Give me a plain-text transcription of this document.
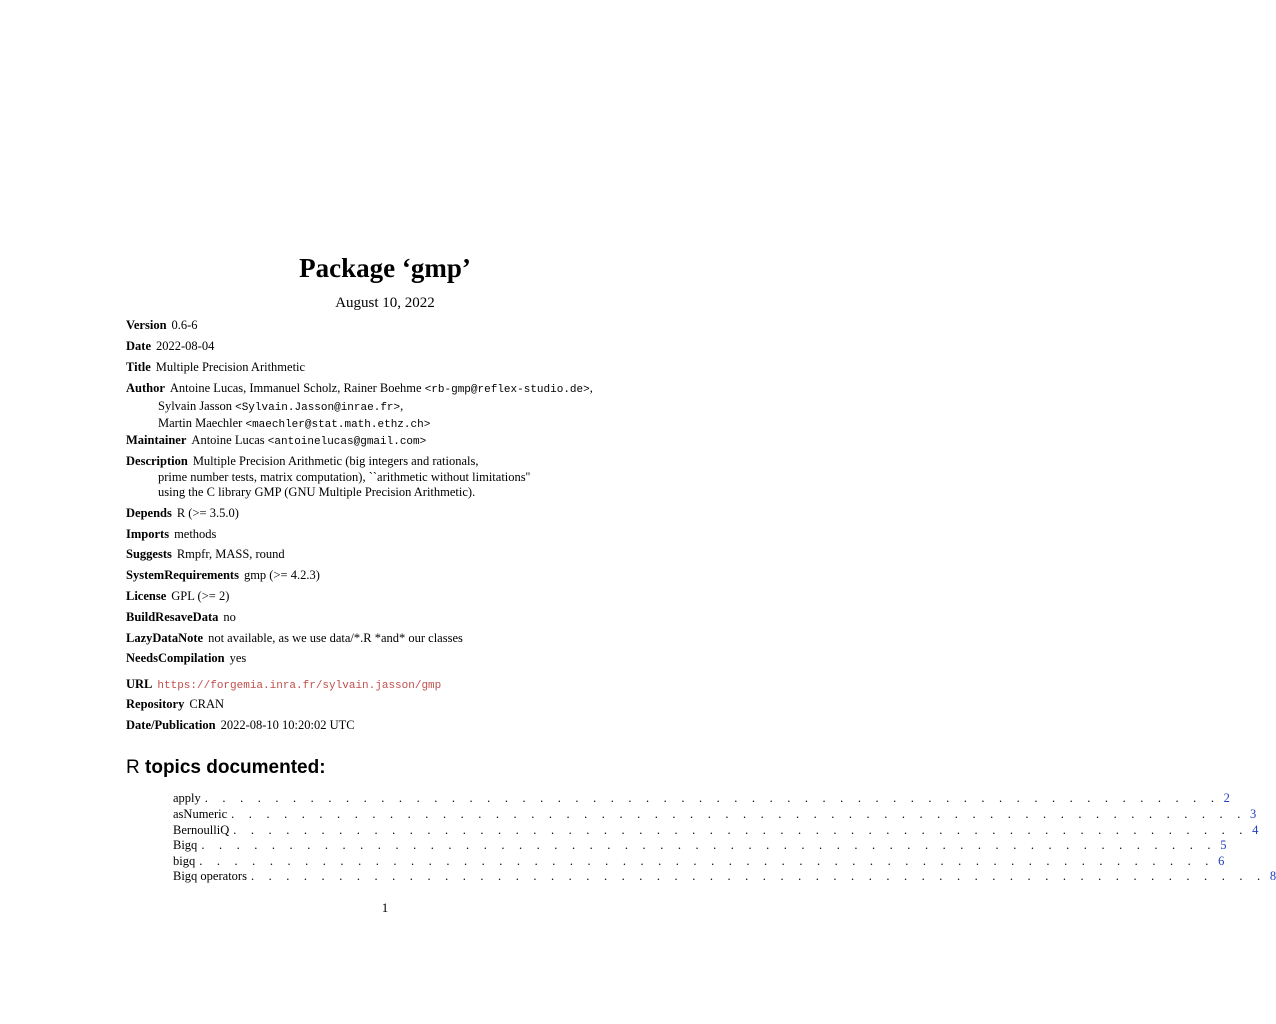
Package ‘gmp’
August 10, 2022
Version 0.6-6
Date 2022-08-04
Title Multiple Precision Arithmetic
Author Antoine Lucas, Immanuel Scholz, Rainer Boehme <rb-gmp@reflex-studio.de>,
Sylvain Jasson <Sylvain.Jasson@inrae.fr>,
Martin Maechler <maechler@stat.math.ethz.ch>
Maintainer Antoine Lucas <antoinelucas@gmail.com>
Description Multiple Precision Arithmetic (big integers and rationals,
prime number tests, matrix computation), ``arithmetic without limitations''
using the C library GMP (GNU Multiple Precision Arithmetic).
Depends R (>= 3.5.0)
Imports methods
Suggests Rmpfr, MASS, round
SystemRequirements gmp (>= 4.2.3)
License GPL (>= 2)
BuildResaveData no
LazyDataNote not available, as we use data/*.R *and* our classes
NeedsCompilation yes
URL https://forgemia.inra.fr/sylvain.jasson/gmp
Repository CRAN
Date/Publication 2022-08-10 10:20:02 UTC
R topics documented:
apply . . . . . . . . . . . . . . . . . . . . . . . . . . . . . . . . . . . . . . . . . . . . . . . . . . . . . . . . . . 2
asNumeric . . . . . . . . . . . . . . . . . . . . . . . . . . . . . . . . . . . . . . . . . . . . . . . . . . . . . . . . . . 3
BernoulliQ . . . . . . . . . . . . . . . . . . . . . . . . . . . . . . . . . . . . . . . . . . . . . . . . . . . . . . . . . . 4
Bigq . . . . . . . . . . . . . . . . . . . . . . . . . . . . . . . . . . . . . . . . . . . . . . . . . . . . . . . . . . 5
bigq . . . . . . . . . . . . . . . . . . . . . . . . . . . . . . . . . . . . . . . . . . . . . . . . . . . . . . . . . . 6
Bigq operators . . . . . . . . . . . . . . . . . . . . . . . . . . . . . . . . . . . . . . . . . . . . . . . . . . . . . . . . . . 8
1
